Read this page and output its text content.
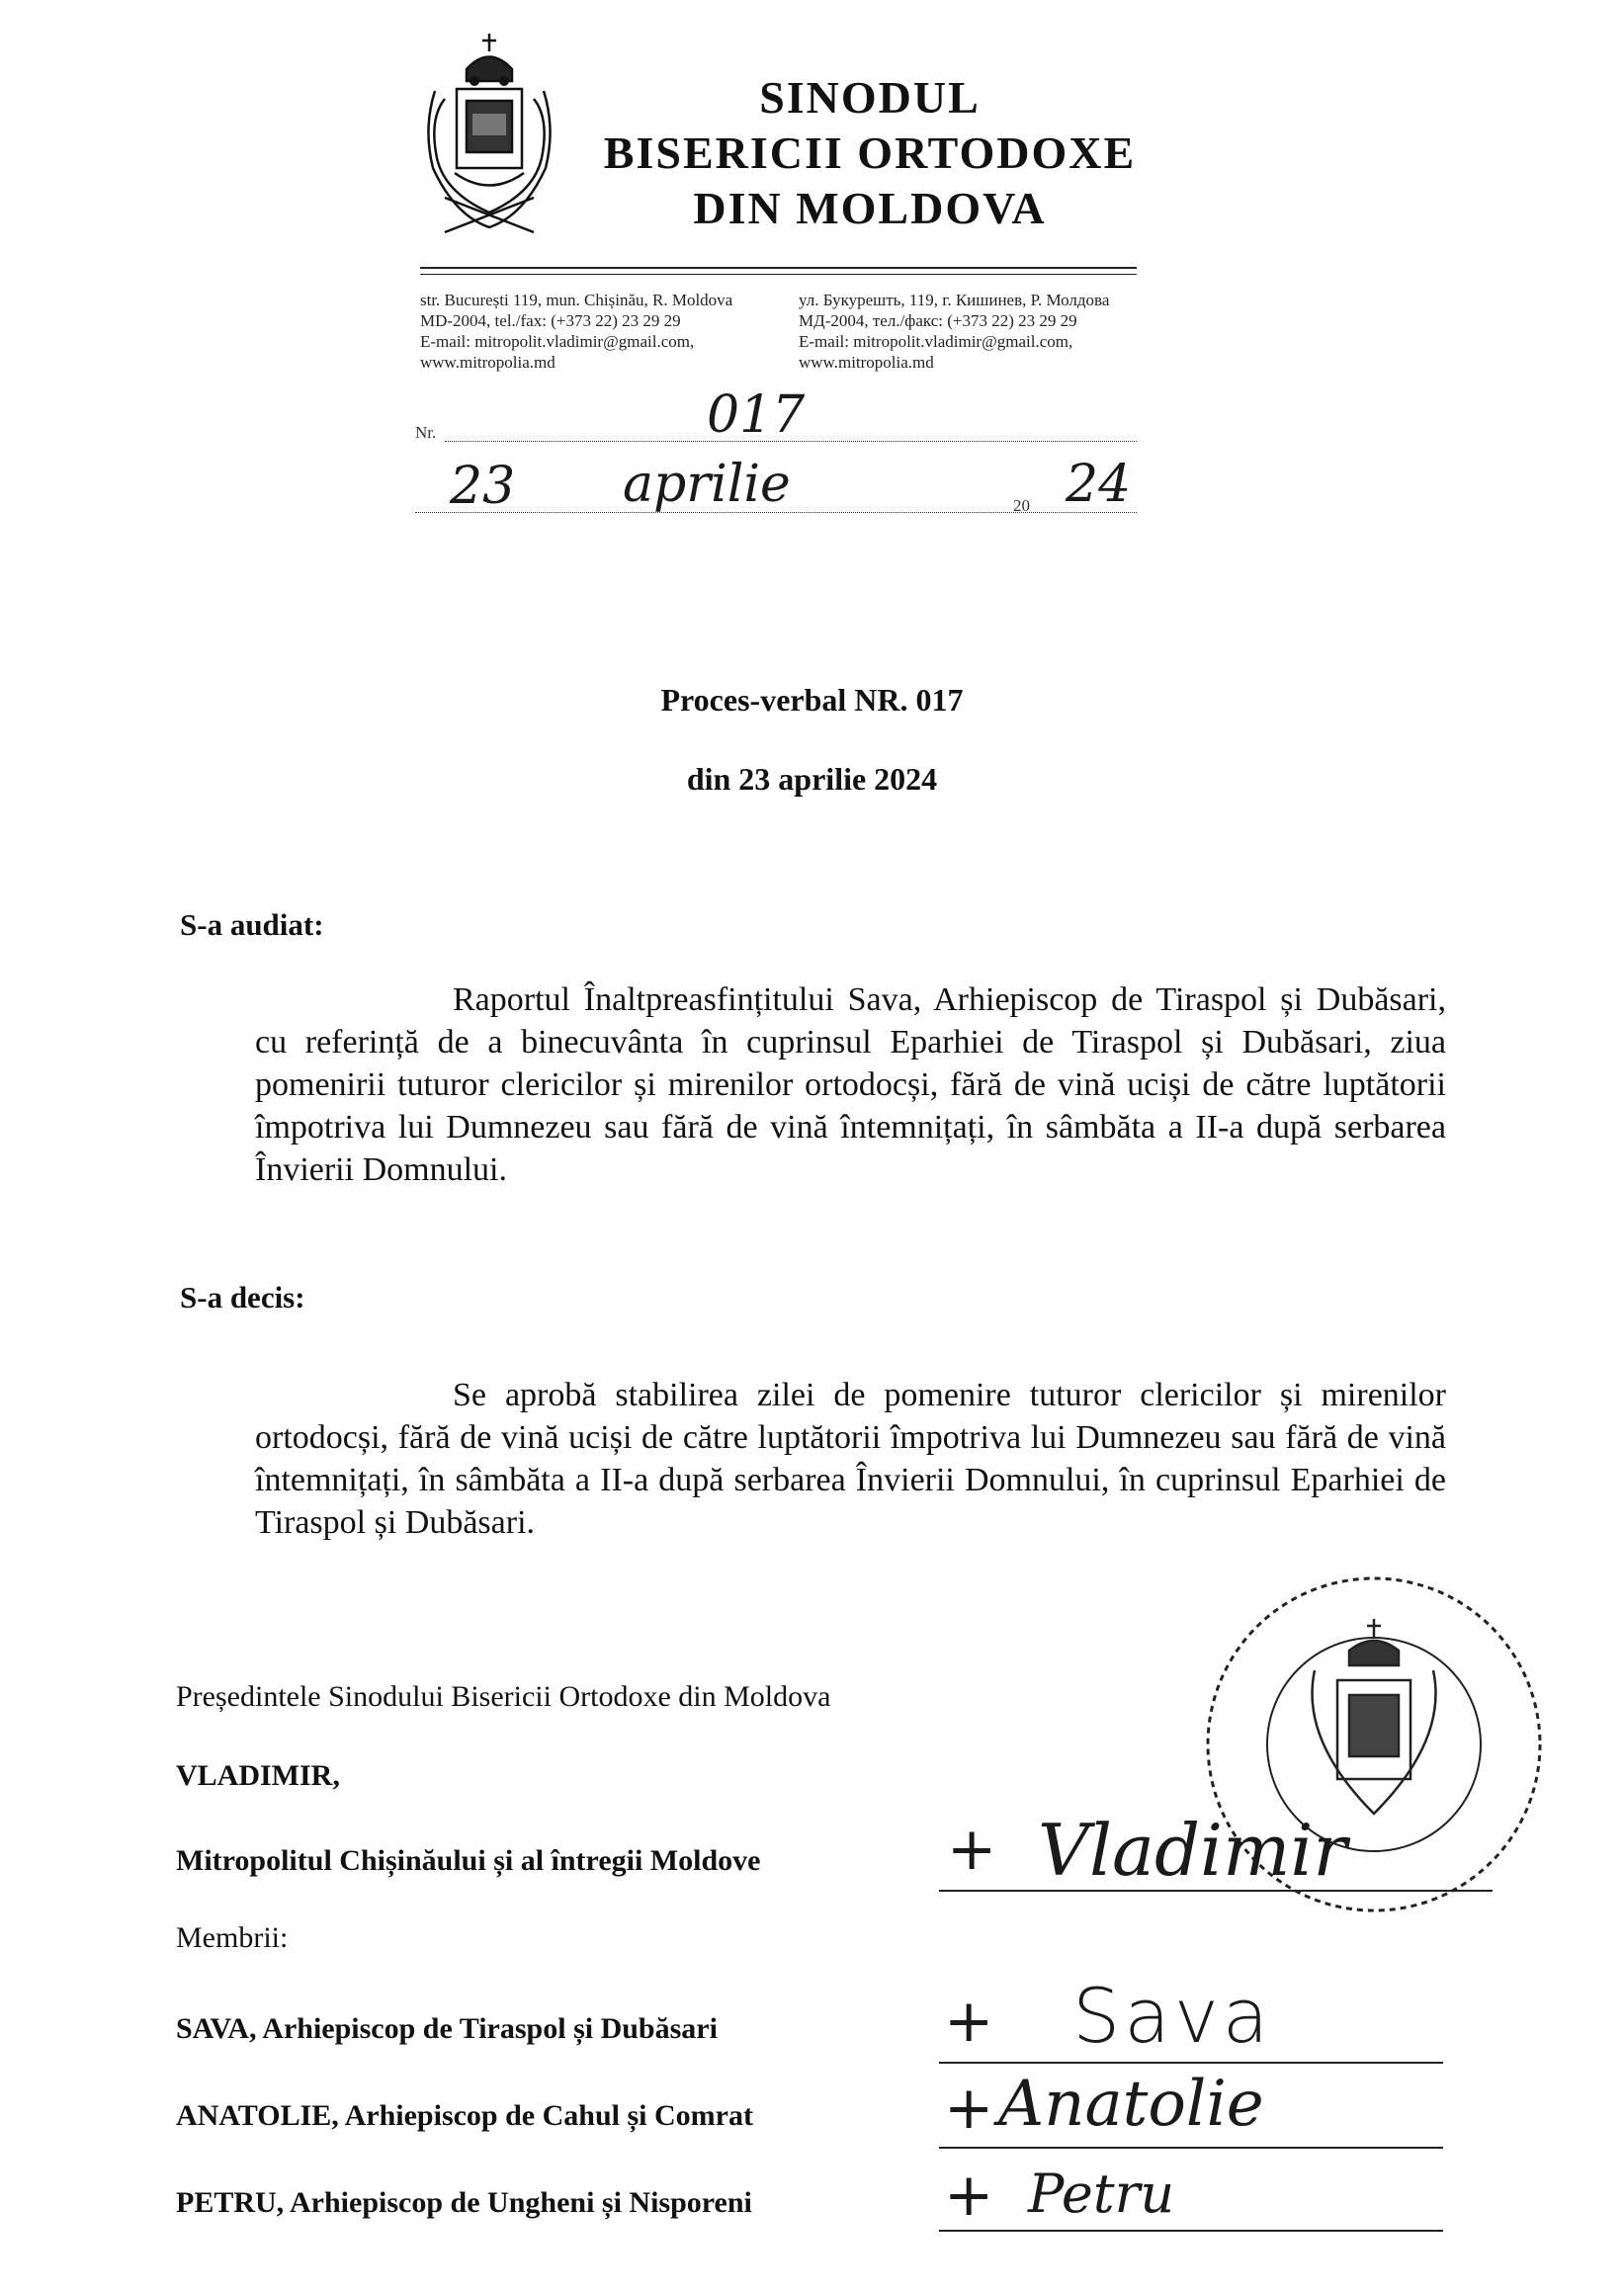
SINODUL
BISERICII ORTODOXE
DIN MOLDOVA
str. București 119, mun. Chișinău, R. Moldova
MD-2004, tel./fax: (+373 22) 23 29 29
E-mail: mitropolit.vladimir@gmail.com,
www.mitropolia.md
ул. Букурешть, 119, г. Кишинев, Р. Молдова
МД-2004, тел./факс: (+373 22) 23 29 29
E-mail: mitropolit.vladimir@gmail.com,
www.mitropolia.md
Nr.	017
23 aprilie	20 24
Proces-verbal NR. 017
din 23 aprilie 2024
S-a audiat:
Raportul Înaltpreasfințitului Sava, Arhiepiscop de Tiraspol și Dubăsari, cu referință de a binecuvânta în cuprinsul Eparhiei de Tiraspol și Dubăsari, ziua pomenirii tuturor clericilor și mirenilor ortodocși, fără de vină uciși de către luptătorii împotriva lui Dumnezeu sau fără de vină întemnițați, în sâmbăta a II-a după serbarea Învierii Domnului.
S-a decis:
Se aprobă stabilirea zilei de pomenire tuturor clericilor și mirenilor ortodocși, fără de vină uciși de către luptătorii împotriva lui Dumnezeu sau fără de vină întemnițați, în sâmbăta a II-a după serbarea Învierii Domnului, în cuprinsul Eparhiei de Tiraspol și Dubăsari.
Președintele Sinodului Bisericii Ortodoxe din Moldova
VLADIMIR,
Mitropolitul Chișinăului și al întregii Moldove	+ Vladimir
Membrii:
SAVA, Arhiepiscop de Tiraspol și Dubăsari	+ Sava
ANATOLIE, Arhiepiscop de Cahul și Comrat	+ Anatolie
PETRU, Arhiepiscop de Ungheni și Nisporeni	+ Petru
